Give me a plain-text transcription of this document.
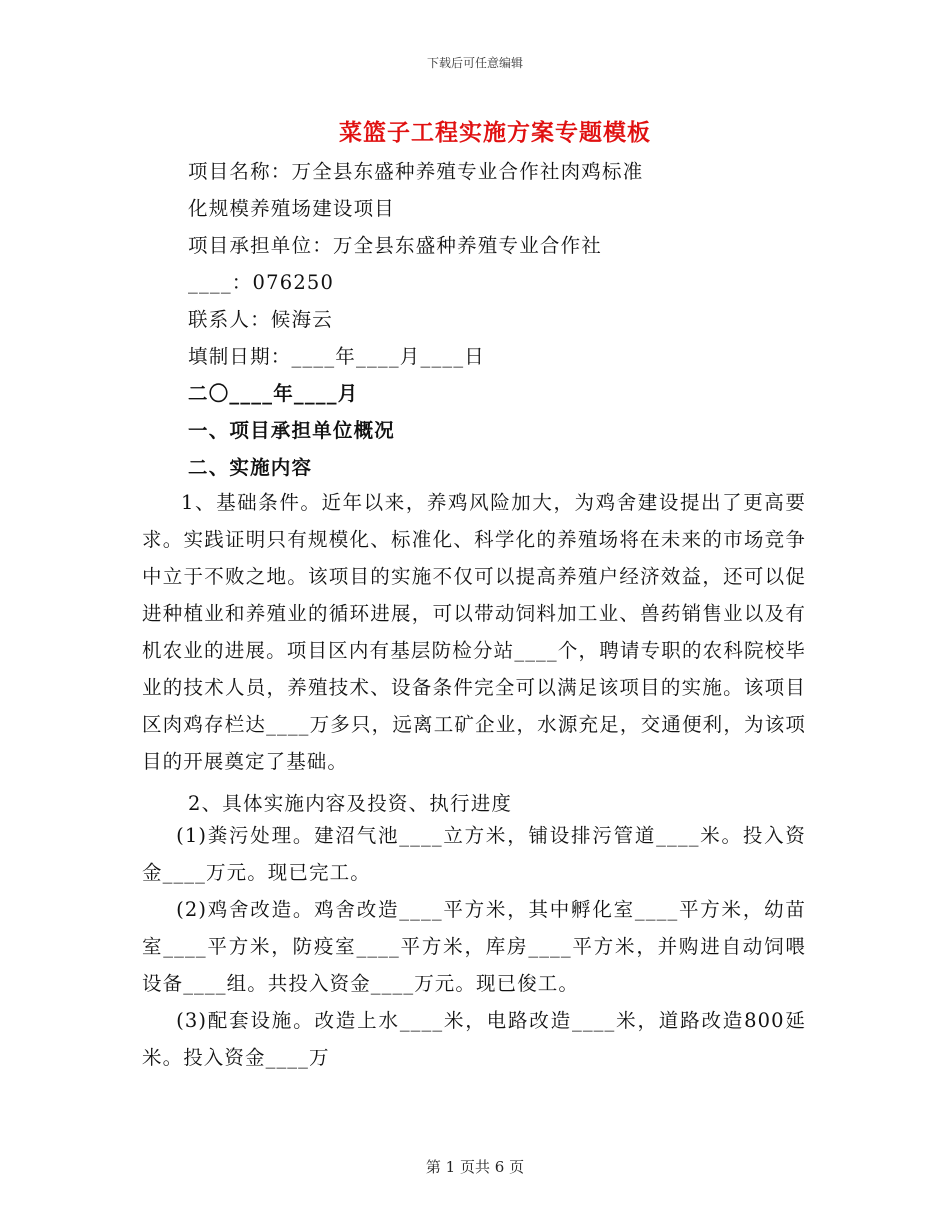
下载后可任意编辑
菜篮子工程实施方案专题模板
项目名称：万全县东盛种养殖专业合作社肉鸡标准
化规模养殖场建设项目
项目承担单位：万全县东盛种养殖专业合作社
____：076250
联系人：候海云
填制日期：____年____月____日
二〇____年____月
一、项目承担单位概况
二、实施内容
1、基础条件。近年以来，养鸡风险加大，为鸡舍建设提出了更高要求。实践证明只有规模化、标准化、科学化的养殖场将在未来的市场竞争中立于不败之地。该项目的实施不仅可以提高养殖户经济效益，还可以促进种植业和养殖业的循环进展，可以带动饲料加工业、兽药销售业以及有机农业的进展。项目区内有基层防检分站____个，聘请专职的农科院校毕业的技术人员，养殖技术、设备条件完全可以满足该项目的实施。该项目区肉鸡存栏达____万多只，远离工矿企业，水源充足，交通便利，为该项目的开展奠定了基础。
2、具体实施内容及投资、执行进度
(1)粪污处理。建沼气池____立方米，铺设排污管道____米。投入资金____万元。现已完工。
(2)鸡舍改造。鸡舍改造____平方米，其中孵化室____平方米，幼苗室____平方米，防疫室____平方米，库房____平方米，并购进自动饲喂设备____组。共投入资金____万元。现已俊工。
(3)配套设施。改造上水____米，电路改造____米，道路改造800延米。投入资金____万
第 1 页共 6 页
